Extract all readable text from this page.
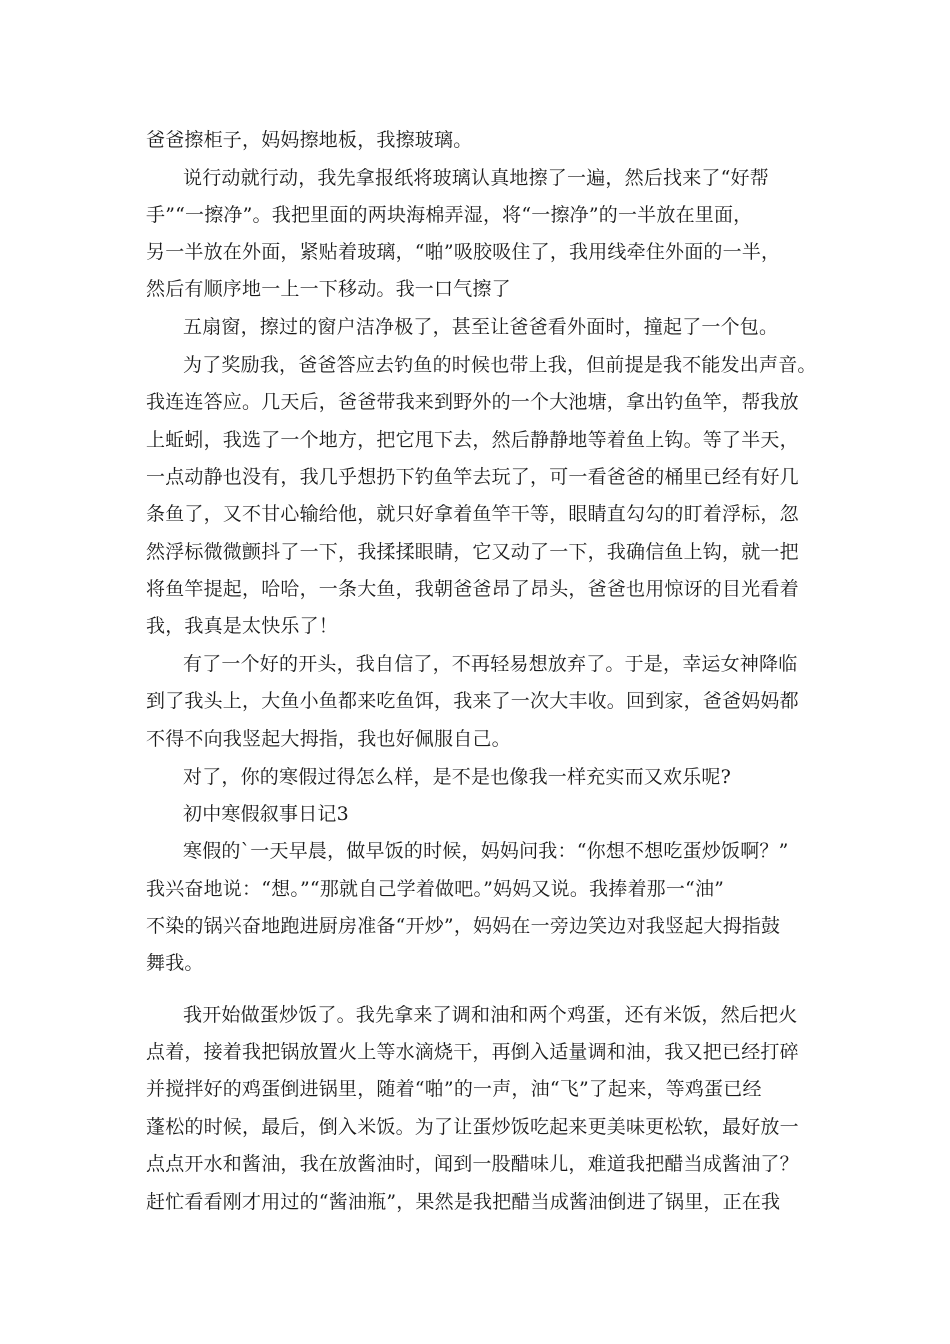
爸爸擦柜子，妈妈擦地板，我擦玻璃。
说行动就行动，我先拿报纸将玻璃认真地擦了一遍，然后找来了“好帮
手”“一擦净”。我把里面的两块海棉弄湿，将“一擦净”的一半放在里面，
另一半放在外面，紧贴着玻璃，“啪”吸胶吸住了，我用线牵住外面的一半，
然后有顺序地一上一下移动。我一口气擦了
五扇窗，擦过的窗户洁净极了，甚至让爸爸看外面时，撞起了一个包。
为了奖励我，爸爸答应去钓鱼的时候也带上我，但前提是我不能发出声音。
我连连答应。几天后，爸爸带我来到野外的一个大池塘，拿出钓鱼竿，帮我放
上蚯蚓，我选了一个地方，把它甩下去，然后静静地等着鱼上钩。等了半天，
一点动静也没有，我几乎想扔下钓鱼竿去玩了，可一看爸爸的桶里已经有好几
条鱼了，又不甘心输给他，就只好拿着鱼竿干等，眼睛直勾勾的盯着浮标，忽
然浮标微微颤抖了一下，我揉揉眼睛，它又动了一下，我确信鱼上钩，就一把
将鱼竿提起，哈哈，一条大鱼，我朝爸爸昂了昂头，爸爸也用惊讶的目光看着
我，我真是太快乐了！
有了一个好的开头，我自信了，不再轻易想放弃了。于是，幸运女神降临
到了我头上，大鱼小鱼都来吃鱼饵，我来了一次大丰收。回到家，爸爸妈妈都
不得不向我竖起大拇指，我也好佩服自己。
对了，你的寒假过得怎么样，是不是也像我一样充实而又欢乐呢?
初中寒假叙事日记3
寒假的`一天早晨，做早饭的时候，妈妈问我：“你想不想吃蛋炒饭啊？”
我兴奋地说：“想。”“那就自己学着做吧。”妈妈又说。我捧着那一“油”
不染的锅兴奋地跑进厨房准备“开炒”，妈妈在一旁边笑边对我竖起大拇指鼓
舞我。
我开始做蛋炒饭了。我先拿来了调和油和两个鸡蛋，还有米饭，然后把火
点着，接着我把锅放置火上等水滴烧干，再倒入适量调和油，我又把已经打碎
并搅拌好的鸡蛋倒进锅里，随着“啪”的一声，油“飞”了起来，等鸡蛋已经
蓬松的时候，最后，倒入米饭。为了让蛋炒饭吃起来更美味更松软，最好放一
点点开水和酱油，我在放酱油时，闻到一股醋味儿，难道我把醋当成酱油了？
赶忙看看刚才用过的“酱油瓶”，果然是我把醋当成酱油倒进了锅里，正在我
